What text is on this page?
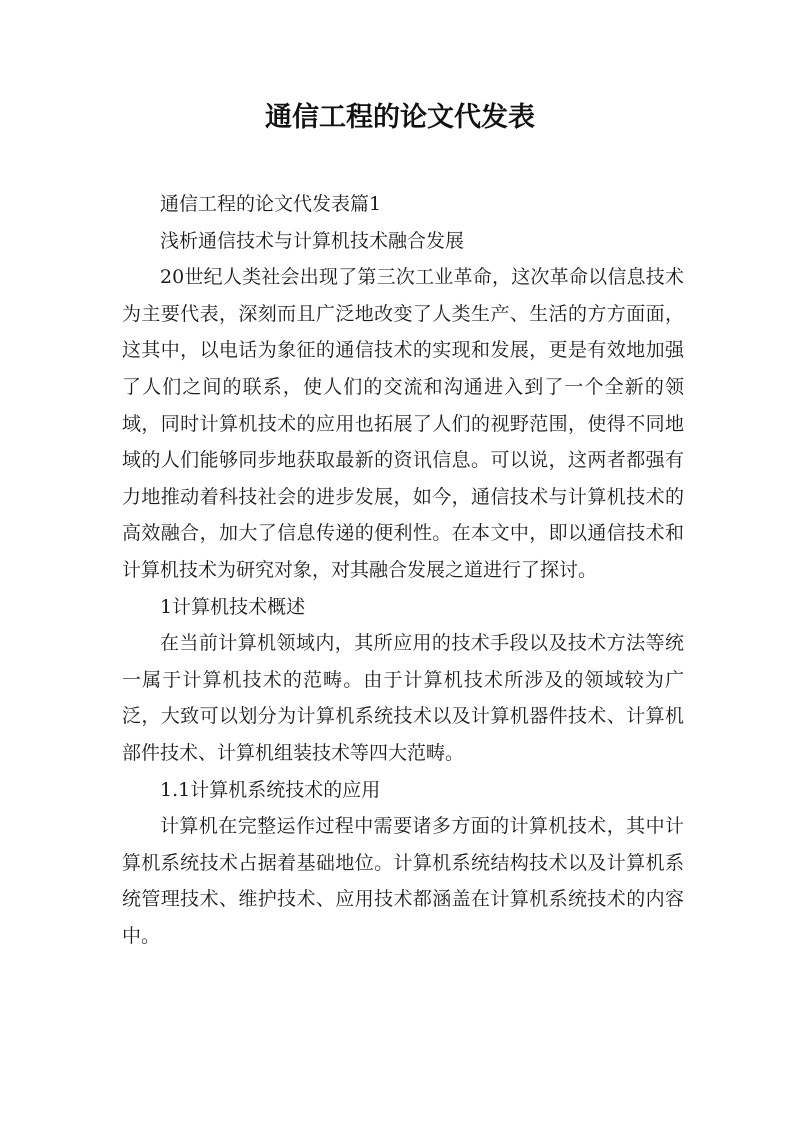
通信工程的论文代发表

通信工程的论文代发表篇1

浅析通信技术与计算机技术融合发展

20世纪人类社会出现了第三次工业革命，这次革命以信息技术为主要代表，深刻而且广泛地改变了人类生产、生活的方方面面，这其中，以电话为象征的通信技术的实现和发展，更是有效地加强了人们之间的联系，使人们的交流和沟通进入到了一个全新的领域，同时计算机技术的应用也拓展了人们的视野范围，使得不同地域的人们能够同步地获取最新的资讯信息。可以说，这两者都强有力地推动着科技社会的进步发展，如今，通信技术与计算机技术的高效融合，加大了信息传递的便利性。在本文中，即以通信技术和计算机技术为研究对象，对其融合发展之道进行了探讨。

1计算机技术概述

在当前计算机领域内，其所应用的技术手段以及技术方法等统一属于计算机技术的范畴。由于计算机技术所涉及的领域较为广泛，大致可以划分为计算机系统技术以及计算机器件技术、计算机部件技术、计算机组装技术等四大范畴。

1.1计算机系统技术的应用

计算机在完整运作过程中需要诸多方面的计算机技术，其中计算机系统技术占据着基础地位。计算机系统结构技术以及计算机系统管理技术、维护技术、应用技术都涵盖在计算机系统技术的内容中。
